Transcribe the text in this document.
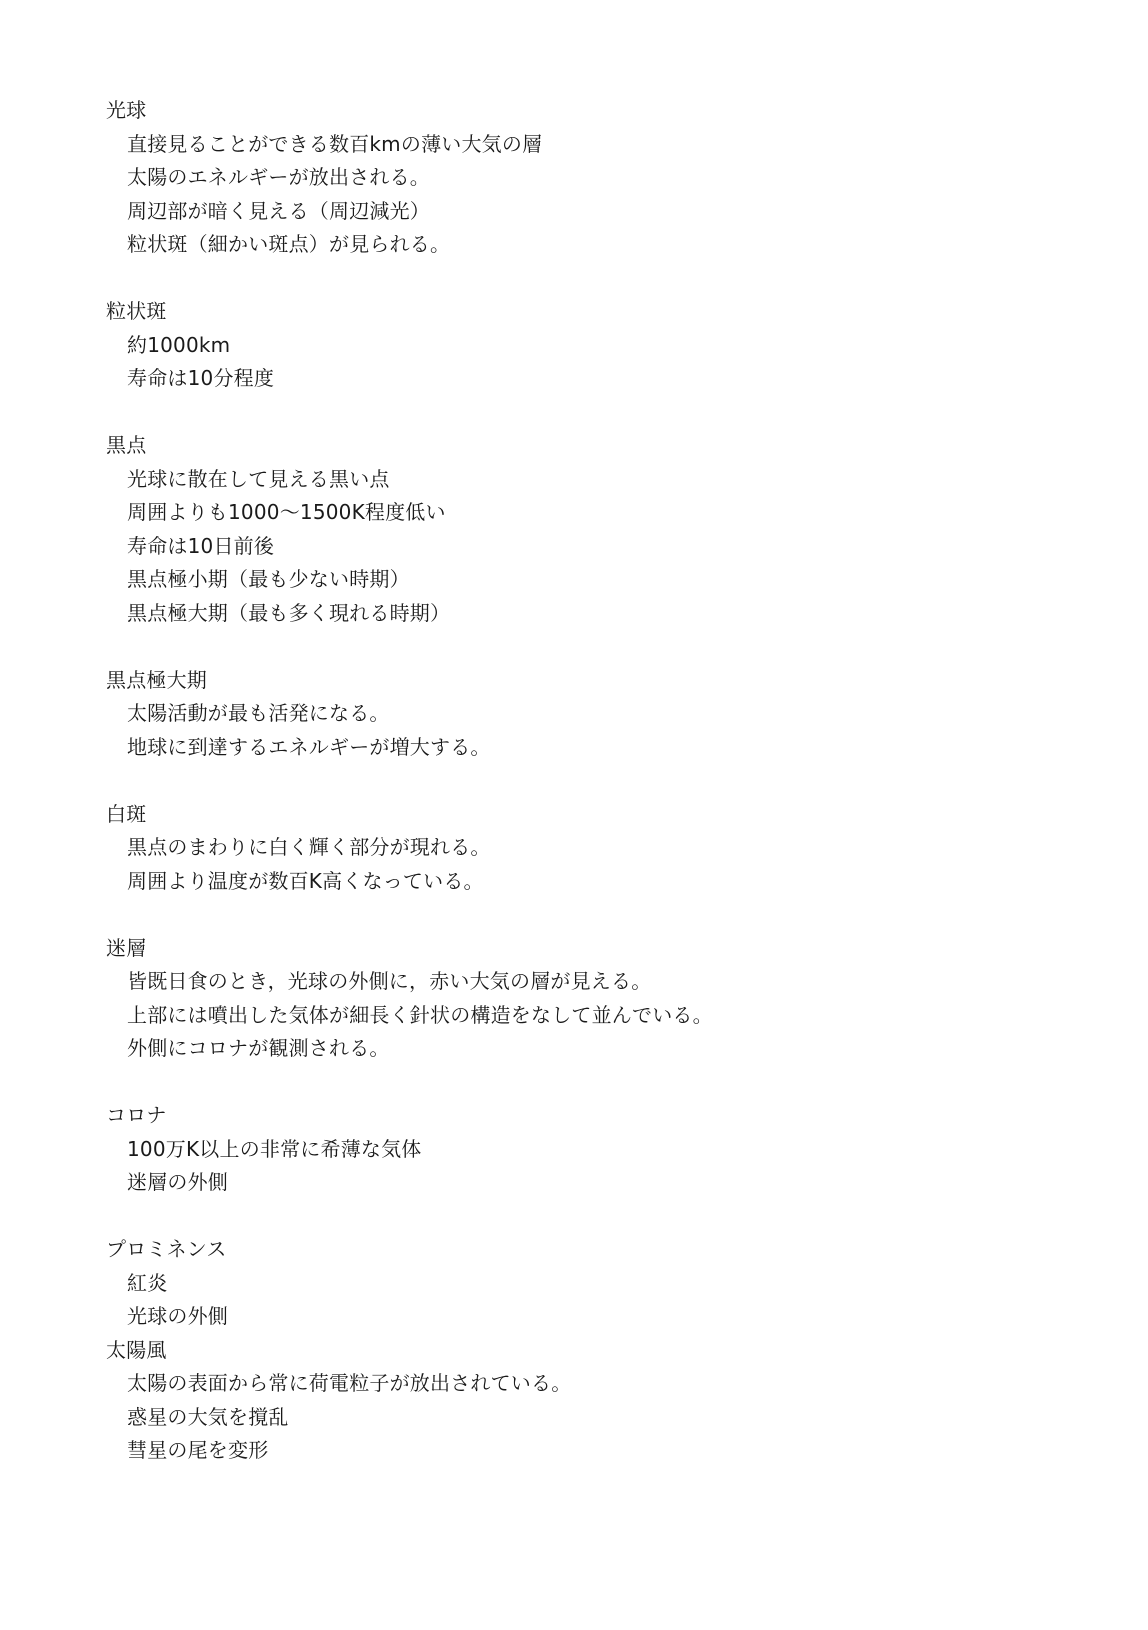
光球
直接見ることができる数百kmの薄い大気の層
太陽のエネルギーが放出される。
周辺部が暗く見える（周辺減光）
粒状斑（細かい斑点）が見られる。
粒状斑
約1000km
寿命は10分程度
黒点
光球に散在して見える黒い点
周囲よりも1000〜1500K程度低い
寿命は10日前後
黒点極小期（最も少ない時期）
黒点極大期（最も多く現れる時期）
黒点極大期
太陽活動が最も活発になる。
地球に到達するエネルギーが増大する。
白斑
黒点のまわりに白く輝く部分が現れる。
周囲より温度が数百K高くなっている。
迷層
皆既日食のとき，光球の外側に，赤い大気の層が見える。
上部には噴出した気体が細長く針状の構造をなして並んでいる。
外側にコロナが観測される。
コロナ
100万K以上の非常に希薄な気体
迷層の外側
プロミネンス
紅炎
光球の外側
太陽風
太陽の表面から常に荷電粒子が放出されている。
惑星の大気を撹乱
彗星の尾を変形
